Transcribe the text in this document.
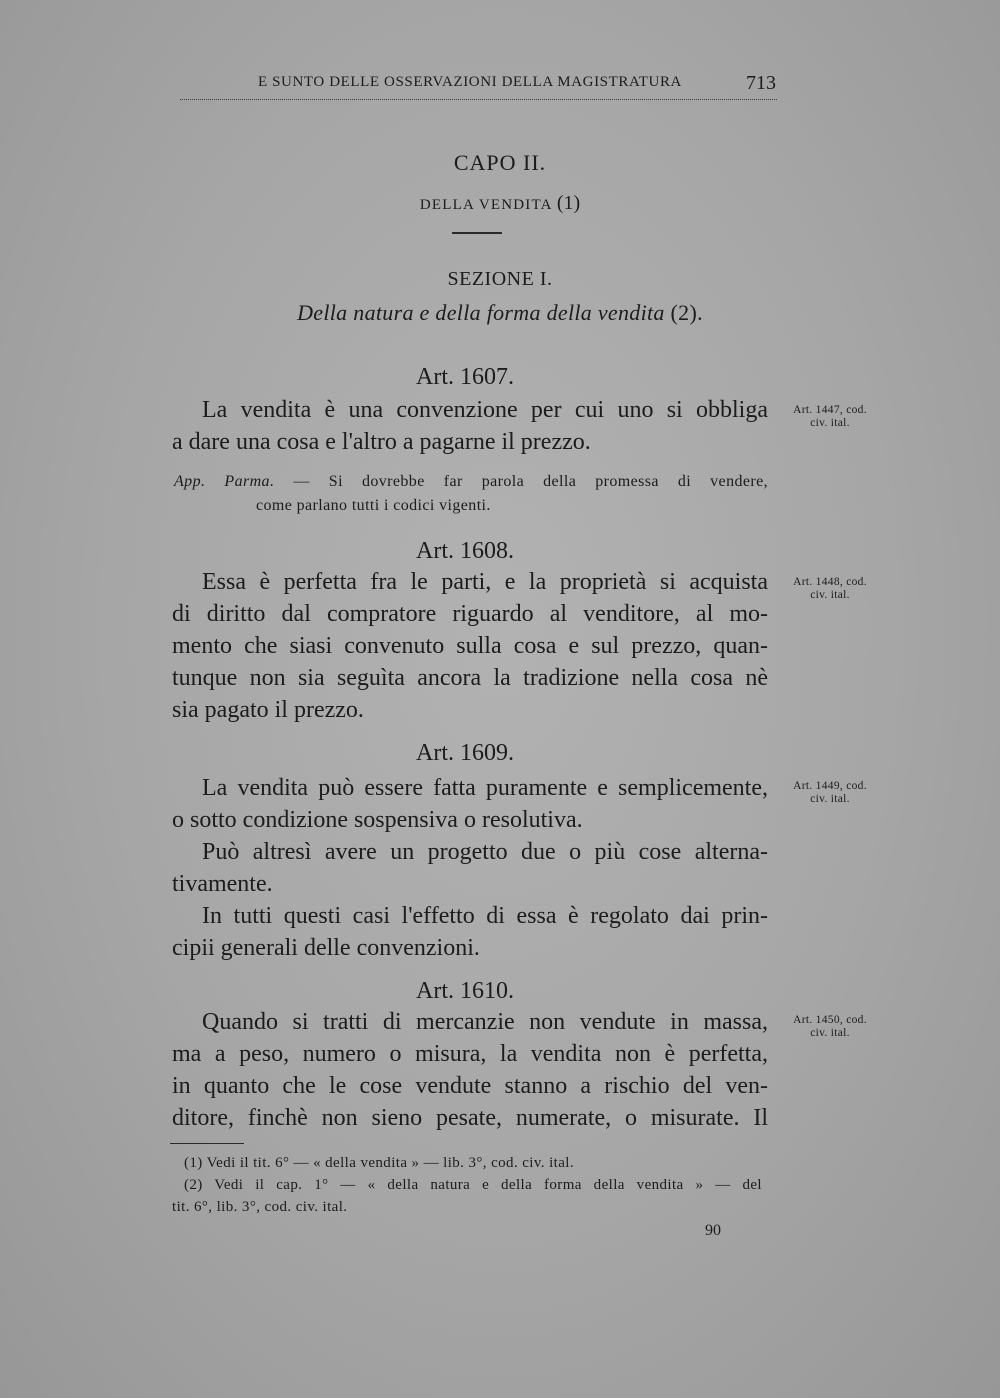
E SUNTO DELLE OSSERVAZIONI DELLA MAGISTRATURA	713
CAPO II.
DELLA VENDITA (1)
SEZIONE I.
Della natura e della forma della vendita (2).
Art. 1607.
La vendita è una convenzione per cui uno si obbliga
a dare una cosa e l'altro a pagarne il prezzo.
Art. 1447, cod.
civ. ital.
App. Parma. — Si dovrebbe far parola della promessa di vendere,
come parlano tutti i codici vigenti.
Art. 1608.
Essa è perfetta fra le parti, e la proprietà si acquista
di diritto dal compratore riguardo al venditore, al mo-
mento che siasi convenuto sulla cosa e sul prezzo, quan-
tunque non sia seguìta ancora la tradizione nella cosa nè
sia pagato il prezzo.
Art. 1448, cod.
civ. ital.
Art. 1609.
La vendita può essere fatta puramente e semplicemente,
o sotto condizione sospensiva o resolutiva.
Può altresì avere un progetto due o più cose alterna-
tivamente.
In tutti questi casi l'effetto di essa è regolato dai prin-
cipii generali delle convenzioni.
Art. 1449, cod.
civ. ital.
Art. 1610.
Quando si tratti di mercanzie non vendute in massa,
ma a peso, numero o misura, la vendita non è perfetta,
in quanto che le cose vendute stanno a rischio del ven-
ditore, finchè non sieno pesate, numerate, o misurate. Il
Art. 1450, cod.
civ. ital.
(1) Vedi il tit. 6° — « della vendita » — lib. 3°, cod. civ. ital.
(2) Vedi il cap. 1° — « della natura e della forma della vendita » — del
tit. 6°, lib. 3°, cod. civ. ital.
90
